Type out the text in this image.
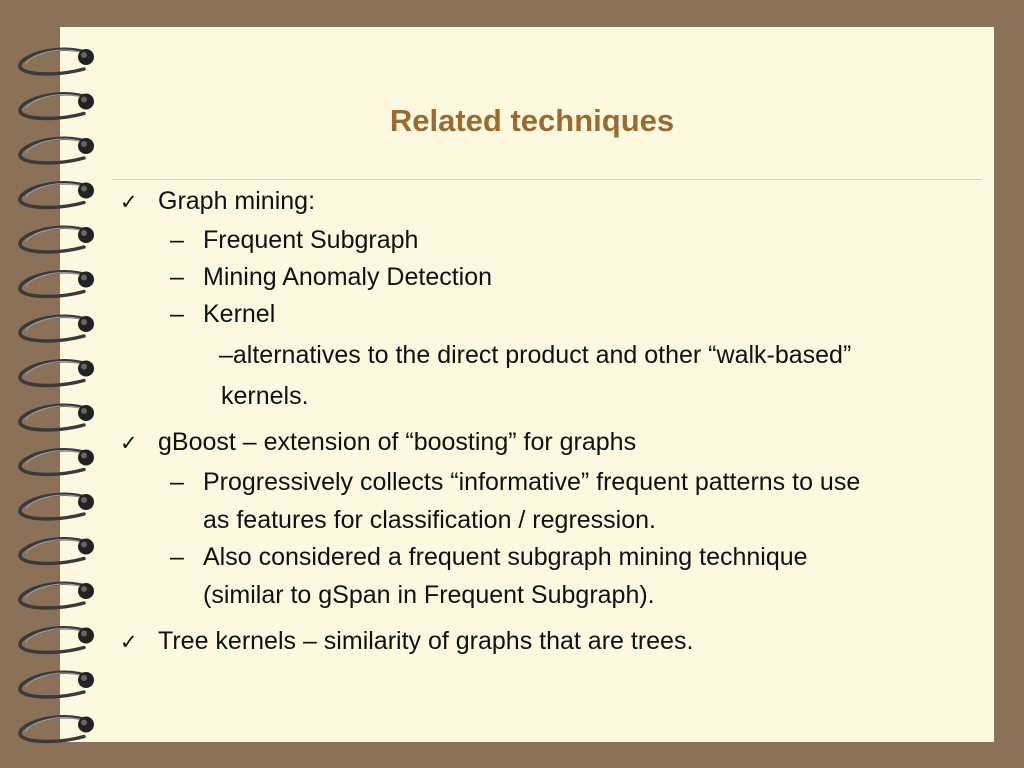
Related techniques
✓ Graph mining:
– Frequent Subgraph
– Mining Anomaly Detection
– Kernel
–alternatives to the direct product and other “walk-based”
kernels.
✓ gBoost – extension of “boosting” for graphs
– Progressively collects “informative” frequent patterns to use
as features for classification / regression.
– Also considered a frequent subgraph mining technique
(similar to gSpan in Frequent Subgraph).
✓ Tree kernels – similarity of graphs that are trees.
